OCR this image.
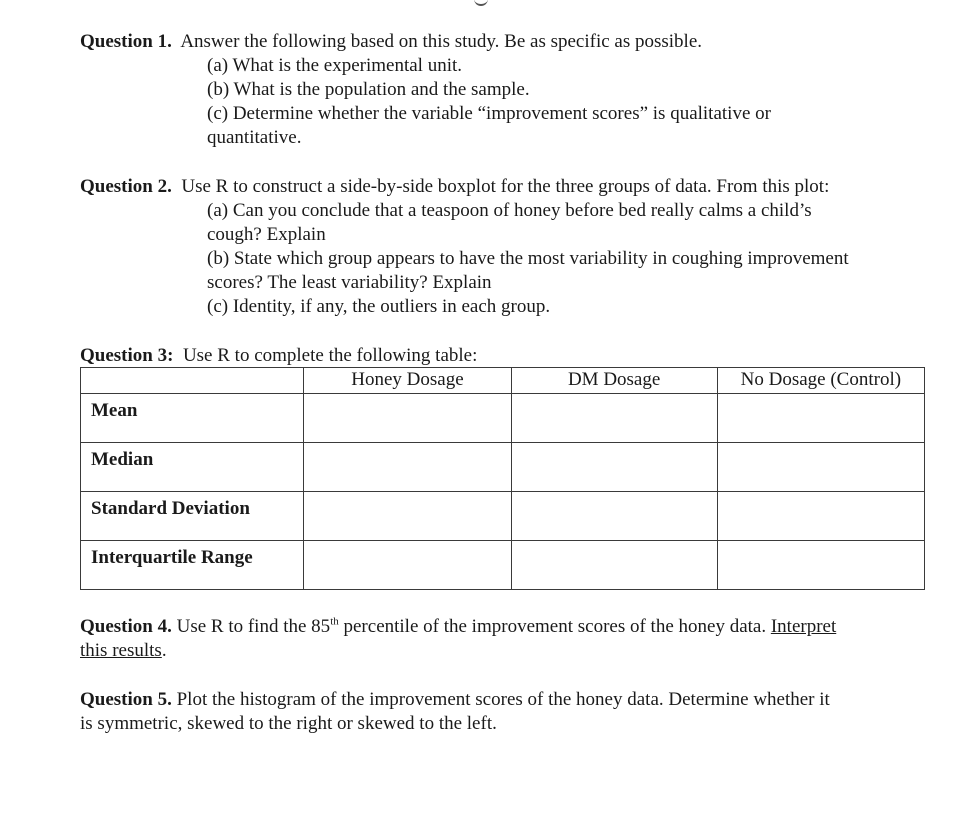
Question 1. Answer the following based on this study. Be as specific as possible.
(a) What is the experimental unit.
(b) What is the population and the sample.
(c) Determine whether the variable “improvement scores” is qualitative or
quantitative.
Question 2. Use R to construct a side-by-side boxplot for the three groups of data. From this plot:
(a) Can you conclude that a teaspoon of honey before bed really calms a child’s
cough? Explain
(b) State which group appears to have the most variability in coughing improvement
scores? The least variability? Explain
(c) Identity, if any, the outliers in each group.
Question 3: Use R to complete the following table:
	Honey Dosage	DM Dosage	No Dosage (Control)
Mean			
Median			
Standard Deviation			
Interquartile Range			
Question 4. Use R to find the 85th percentile of the improvement scores of the honey data. Interpret
this results.
Question 5. Plot the histogram of the improvement scores of the honey data. Determine whether it
is symmetric, skewed to the right or skewed to the left.
